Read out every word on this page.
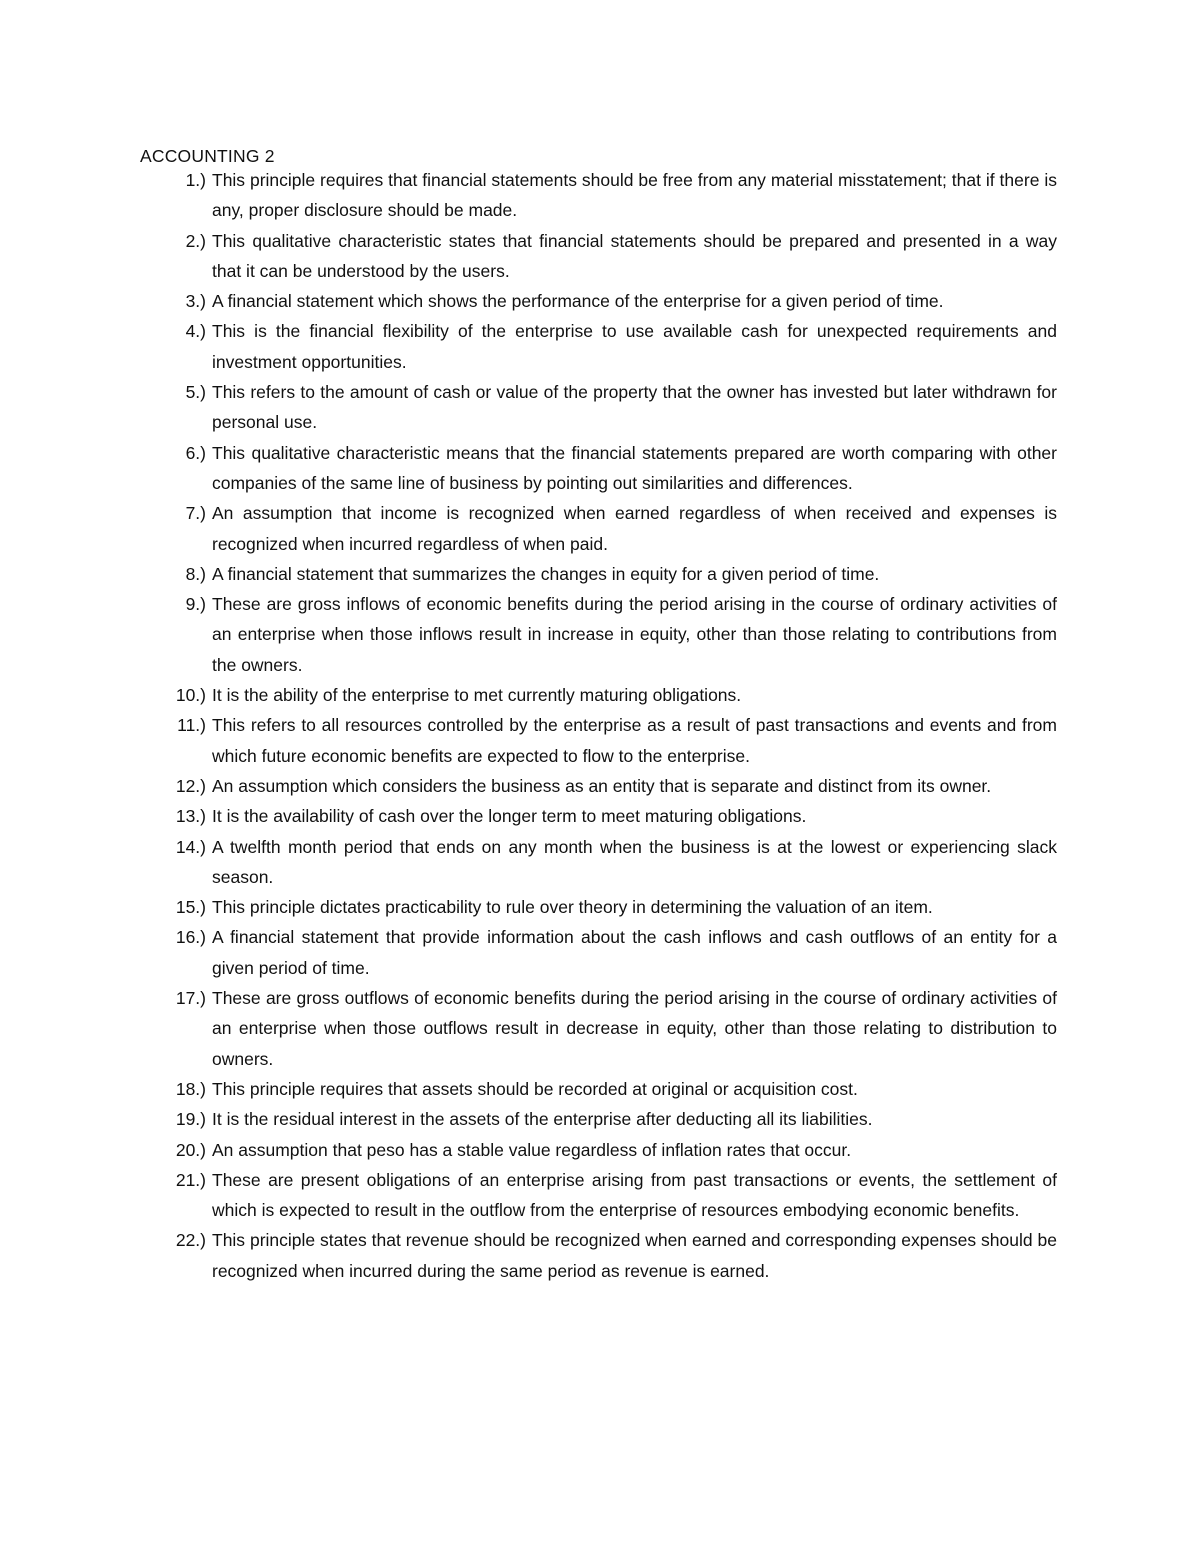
ACCOUNTING 2
1.) This principle requires that financial statements should be free from any material misstatement; that if there is any, proper disclosure should be made.
2.) This qualitative characteristic states that financial statements should be prepared and presented in a way that it can be understood by the users.
3.) A financial statement which shows the performance of the enterprise for a given period of time.
4.) This is the financial flexibility of the enterprise to use available cash for unexpected requirements and investment opportunities.
5.) This refers to the amount of cash or value of the property that the owner has invested but later withdrawn for personal use.
6.) This qualitative characteristic means that the financial statements prepared are worth comparing with other companies of the same line of business by pointing out similarities and differences.
7.) An assumption that income is recognized when earned regardless of when received and expenses is recognized when incurred regardless of when paid.
8.) A financial statement that summarizes the changes in equity for a given period of time.
9.) These are gross inflows of economic benefits during the period arising in the course of ordinary activities of an enterprise when those inflows result in increase in equity, other than those relating to contributions from the owners.
10.) It is the ability of the enterprise to met currently maturing obligations.
11.) This refers to all resources controlled by the enterprise as a result of past transactions and events and from which future economic benefits are expected to flow to the enterprise.
12.) An assumption which considers the business as an entity that is separate and distinct from its owner.
13.) It is the availability of cash over the longer term to meet maturing obligations.
14.) A twelfth month period that ends on any month when the business is at the lowest or experiencing slack season.
15.) This principle dictates practicability to rule over theory in determining the valuation of an item.
16.) A financial statement that provide information about the cash inflows and cash outflows of an entity for a given period of time.
17.) These are gross outflows of economic benefits during the period arising in the course of ordinary activities of an enterprise when those outflows result in decrease in equity, other than those relating to distribution to owners.
18.) This principle requires that assets should be recorded at original or acquisition cost.
19.) It is the residual interest in the assets of the enterprise after deducting all its liabilities.
20.) An assumption that peso has a stable value regardless of inflation rates that occur.
21.) These are present obligations of an enterprise arising from past transactions or events, the settlement of which is expected to result in the outflow from the enterprise of resources embodying economic benefits.
22.) This principle states that revenue should be recognized when earned and corresponding expenses should be recognized when incurred during the same period as revenue is earned.
